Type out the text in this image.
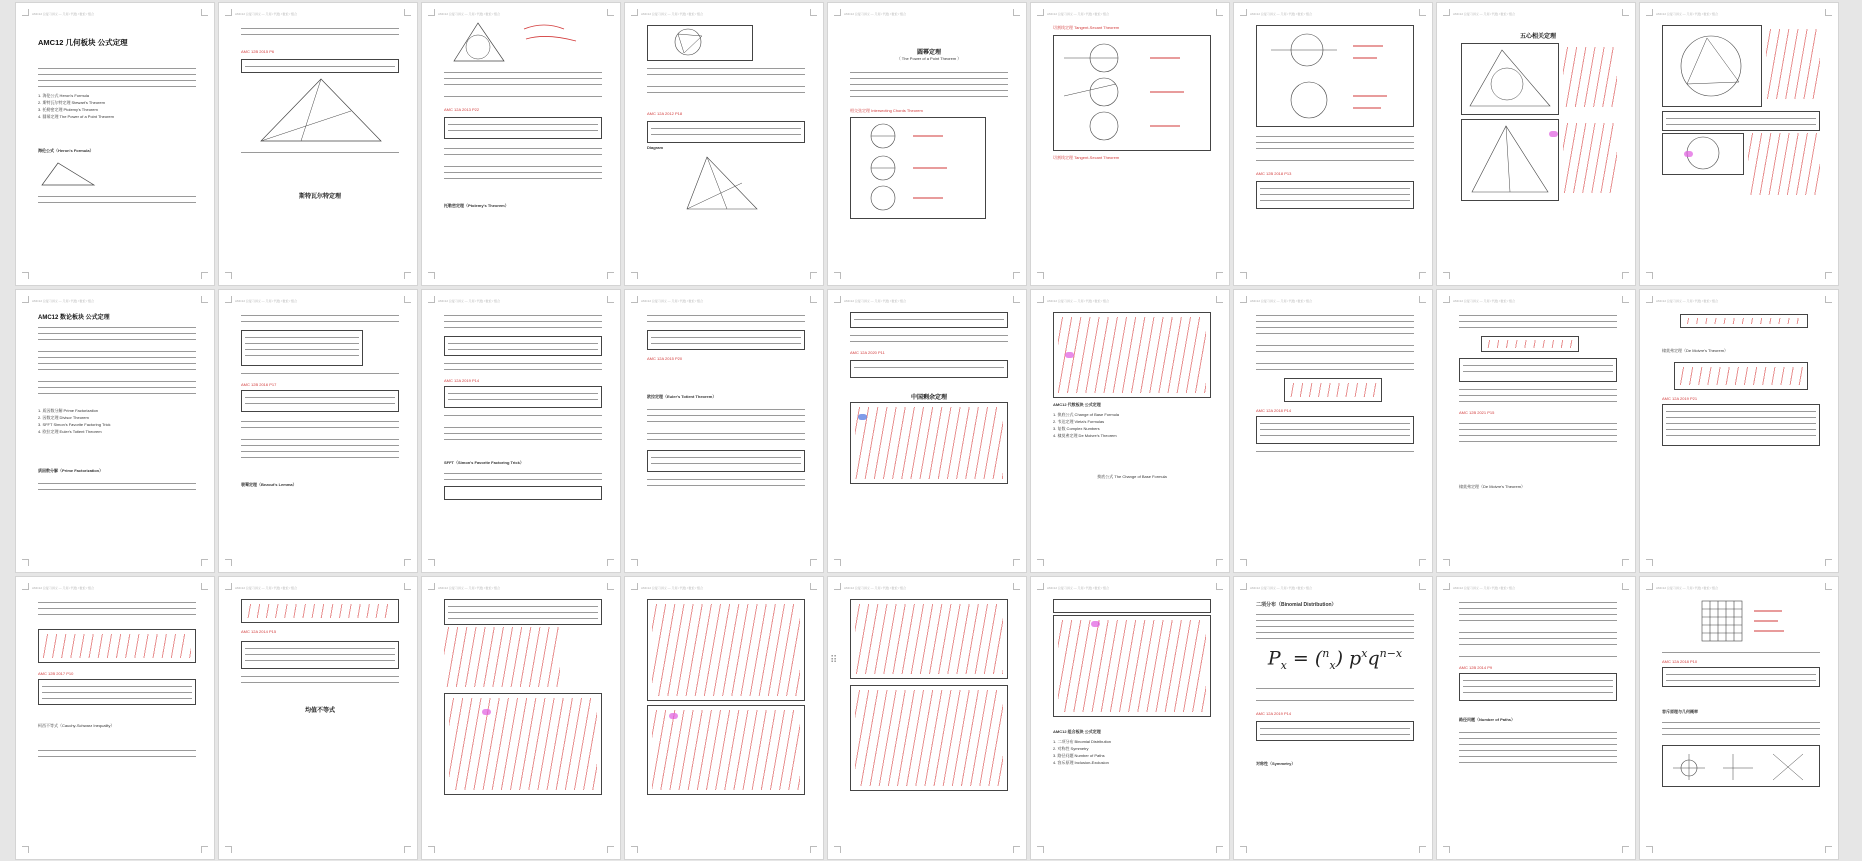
AMC12 总复习讲义 — 几何 / 代数 / 数论 / 组合
AMC12 几何板块 公式定理
1. 海伦公式 Heron's Formula
2. 斯特瓦尔特定理 Stewart's Theorem
3. 托勒密定理 Ptolemy's Theorem
4. 圆幂定理 The Power of a Point Theorem
海伦公式（Heron's Formula）
AMC12 总复习讲义 — 几何 / 代数 / 数论 / 组合
AMC 12B 2015 P6
斯特瓦尔特定理
AMC12 总复习讲义 — 几何 / 代数 / 数论 / 组合
AMC 12A 2013 P22
托勒密定理（Ptolemy's Theorem）
AMC12 总复习讲义 — 几何 / 代数 / 数论 / 组合
AMC 12A 2012 P18
Diagram
AMC12 总复习讲义 — 几何 / 代数 / 数论 / 组合
圆幂定理
（ The Power of a Point Theorem ）
相交弦定理 Intersecting Chords Theorem
AMC12 总复习讲义 — 几何 / 代数 / 数论 / 组合
切割线定理 Tangent-Secant Theorem
切割线定理 Tangent-Secant Theorem
AMC12 总复习讲义 — 几何 / 代数 / 数论 / 组合
AMC 12B 2018 P13
AMC12 总复习讲义 — 几何 / 代数 / 数论 / 组合
五心相关定理
AMC12 总复习讲义 — 几何 / 代数 / 数论 / 组合
AMC12 总复习讲义 — 几何 / 代数 / 数论 / 组合
AMC12 数论板块 公式定理
1. 质因数分解 Prime Factorization
2. 因数定理 Divisor Theorem
3. SFFT Simon's Favorite Factoring Trick
4. 欧拉定理 Euler's Totient Theorem
质因数分解（Prime Factorization）
AMC12 总复习讲义 — 几何 / 代数 / 数论 / 组合
AMC 12B 2016 P17
裴蜀定理（Bezout's Lemma）
AMC12 总复习讲义 — 几何 / 代数 / 数论 / 组合
AMC 12A 2019 P14
SFFT（Simon's Favorite Factoring Trick）
AMC12 总复习讲义 — 几何 / 代数 / 数论 / 组合
AMC 12A 2015 P20
欧拉定理（Euler's Totient Theorem）
AMC12 总复习讲义 — 几何 / 代数 / 数论 / 组合
AMC 12A 2020 P11
中国剩余定理
AMC12 总复习讲义 — 几何 / 代数 / 数论 / 组合
AMC12 代数板块 公式定理
1. 换底公式 Change of Base Formula
2. 韦达定理 Vieta's Formulas
3. 复数 Complex Numbers
4. 棣莫弗定理 De Moivre's Theorem
换底公式 The Change of Base Formula
AMC12 总复习讲义 — 几何 / 代数 / 数论 / 组合
AMC 12A 2018 P14
AMC12 总复习讲义 — 几何 / 代数 / 数论 / 组合
AMC 12B 2021 P15
棣莫弗定理（De Moivre's Theorem）
AMC12 总复习讲义 — 几何 / 代数 / 数论 / 组合
棣莫弗定理（De Moivre's Theorem）
AMC 12A 2019 P21
AMC12 总复习讲义 — 几何 / 代数 / 数论 / 组合
AMC 12B 2017 P10
柯西不等式（Cauchy-Schwarz Inequality）
AMC12 总复习讲义 — 几何 / 代数 / 数论 / 组合
AMC 12A 2014 P15
均值不等式
AMC12 总复习讲义 — 几何 / 代数 / 数论 / 组合	AMC12 总复习讲义 — 几何 / 代数 / 数论 / 组合	AMC12 总复习讲义 — 几何 / 代数 / 数论 / 组合
⠿
AMC12 总复习讲义 — 几何 / 代数 / 数论 / 组合
AMC12 组合板块 公式定理
1. 二项分布 Binomial Distribution
2. 对称性 Symmetry
3. 路径问题 Number of Paths
4. 容斥原理 Inclusion-Exclusion
AMC12 总复习讲义 — 几何 / 代数 / 数论 / 组合
二项分布（Binomial Distribution）
$P_x = (^n_x)$ $p^xq^{n-x}$
AMC 12A 2019 P14
对称性（Symmetry）
AMC12 总复习讲义 — 几何 / 代数 / 数论 / 组合
AMC 12B 2014 P9
路径问题（Number of Paths）
AMC12 总复习讲义 — 几何 / 代数 / 数论 / 组合
AMC 12A 2018 P10
容斥原理与几何概率
